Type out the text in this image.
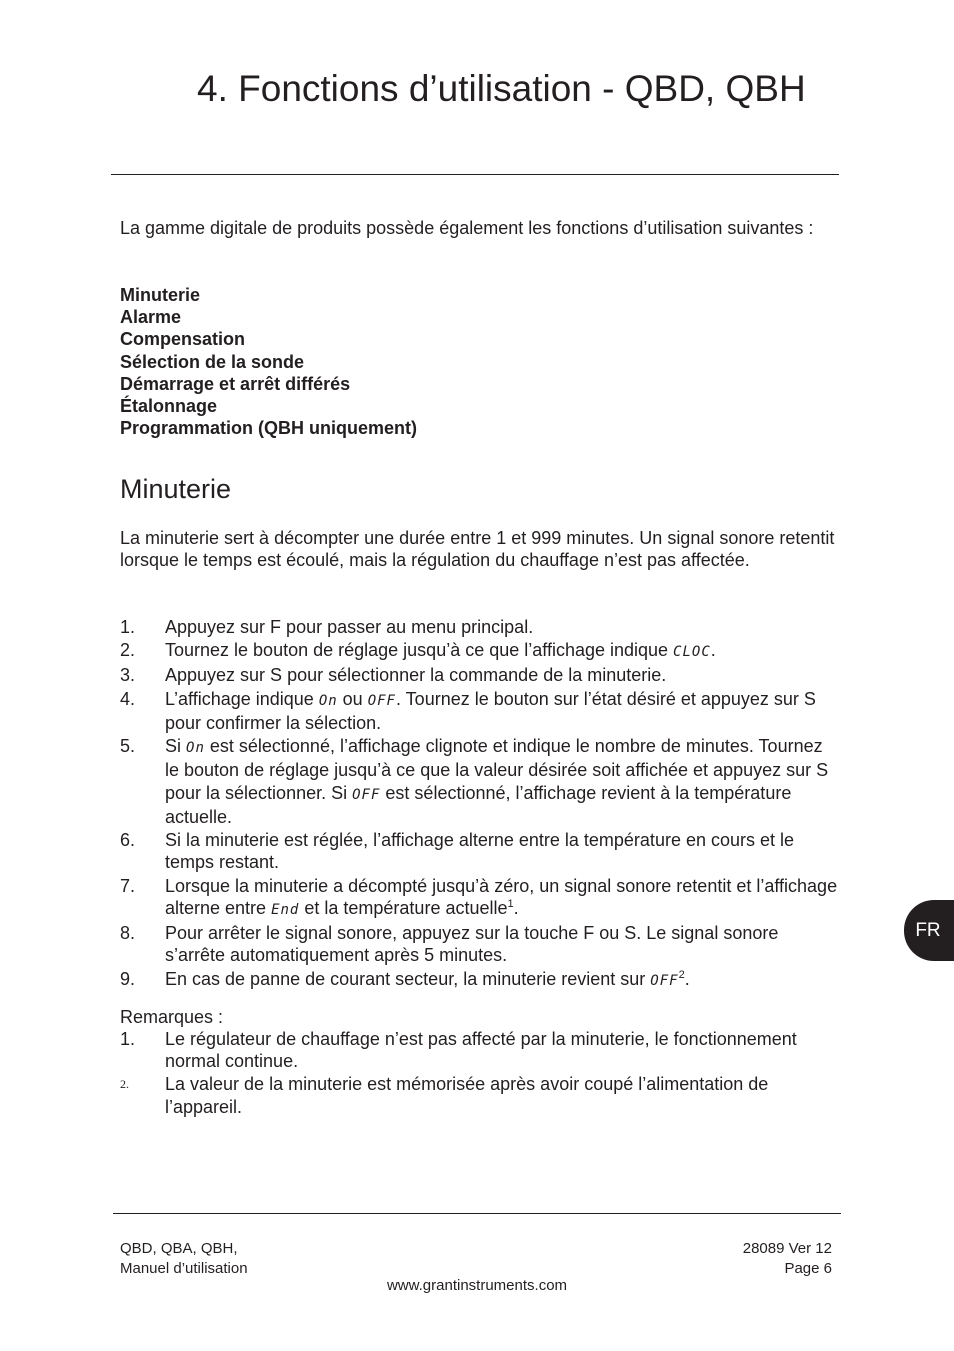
4. Fonctions d’utilisation - QBD, QBH
La gamme digitale de produits possède également les fonctions d’utilisation suivantes :
Minuterie
Alarme
Compensation
Sélection de la sonde
Démarrage et arrêt différés
Étalonnage
Programmation (QBH uniquement)
Minuterie
La minuterie sert à décompter une durée entre 1 et 999 minutes. Un signal sonore retentit lorsque le temps est écoulé, mais la régulation du chauffage n’est pas affectée.
1. Appuyez sur F pour passer au menu principal.
2. Tournez le bouton de réglage jusqu’à ce que l’affichage indique CLOC.
3. Appuyez sur S pour sélectionner la commande de la minuterie.
4. L’affichage indique On ou OFF. Tournez le bouton sur l’état désiré et appuyez sur S pour confirmer la sélection.
5. Si On est sélectionné, l’affichage clignote et indique le nombre de minutes. Tournez le bouton de réglage jusqu’à ce que la valeur désirée soit affichée et appuyez sur S pour la sélectionner. Si OFF est sélectionné, l’affichage revient à la température actuelle.
6. Si la minuterie est réglée, l’affichage alterne entre la température en cours et le temps restant.
7. Lorsque la minuterie a décompté jusqu’à zéro, un signal sonore retentit et l’affichage alterne entre End et la température actuelle$^1$.
8. Pour arrêter le signal sonore, appuyez sur la touche F ou S. Le signal sonore s’arrête automatiquement après 5 minutes.
9. En cas de panne de courant secteur, la minuterie revient sur OFF$^2$.
Remarques :
1. Le régulateur de chauffage n’est pas affecté par la minuterie, le fonctionnement normal continue.
2. La valeur de la minuterie est mémorisée après avoir coupé l’alimentation de l’appareil.
FR
QBD, QBA, QBH,
Manuel d’utilisation
28089 Ver 12
Page 6
www.grantinstruments.com
